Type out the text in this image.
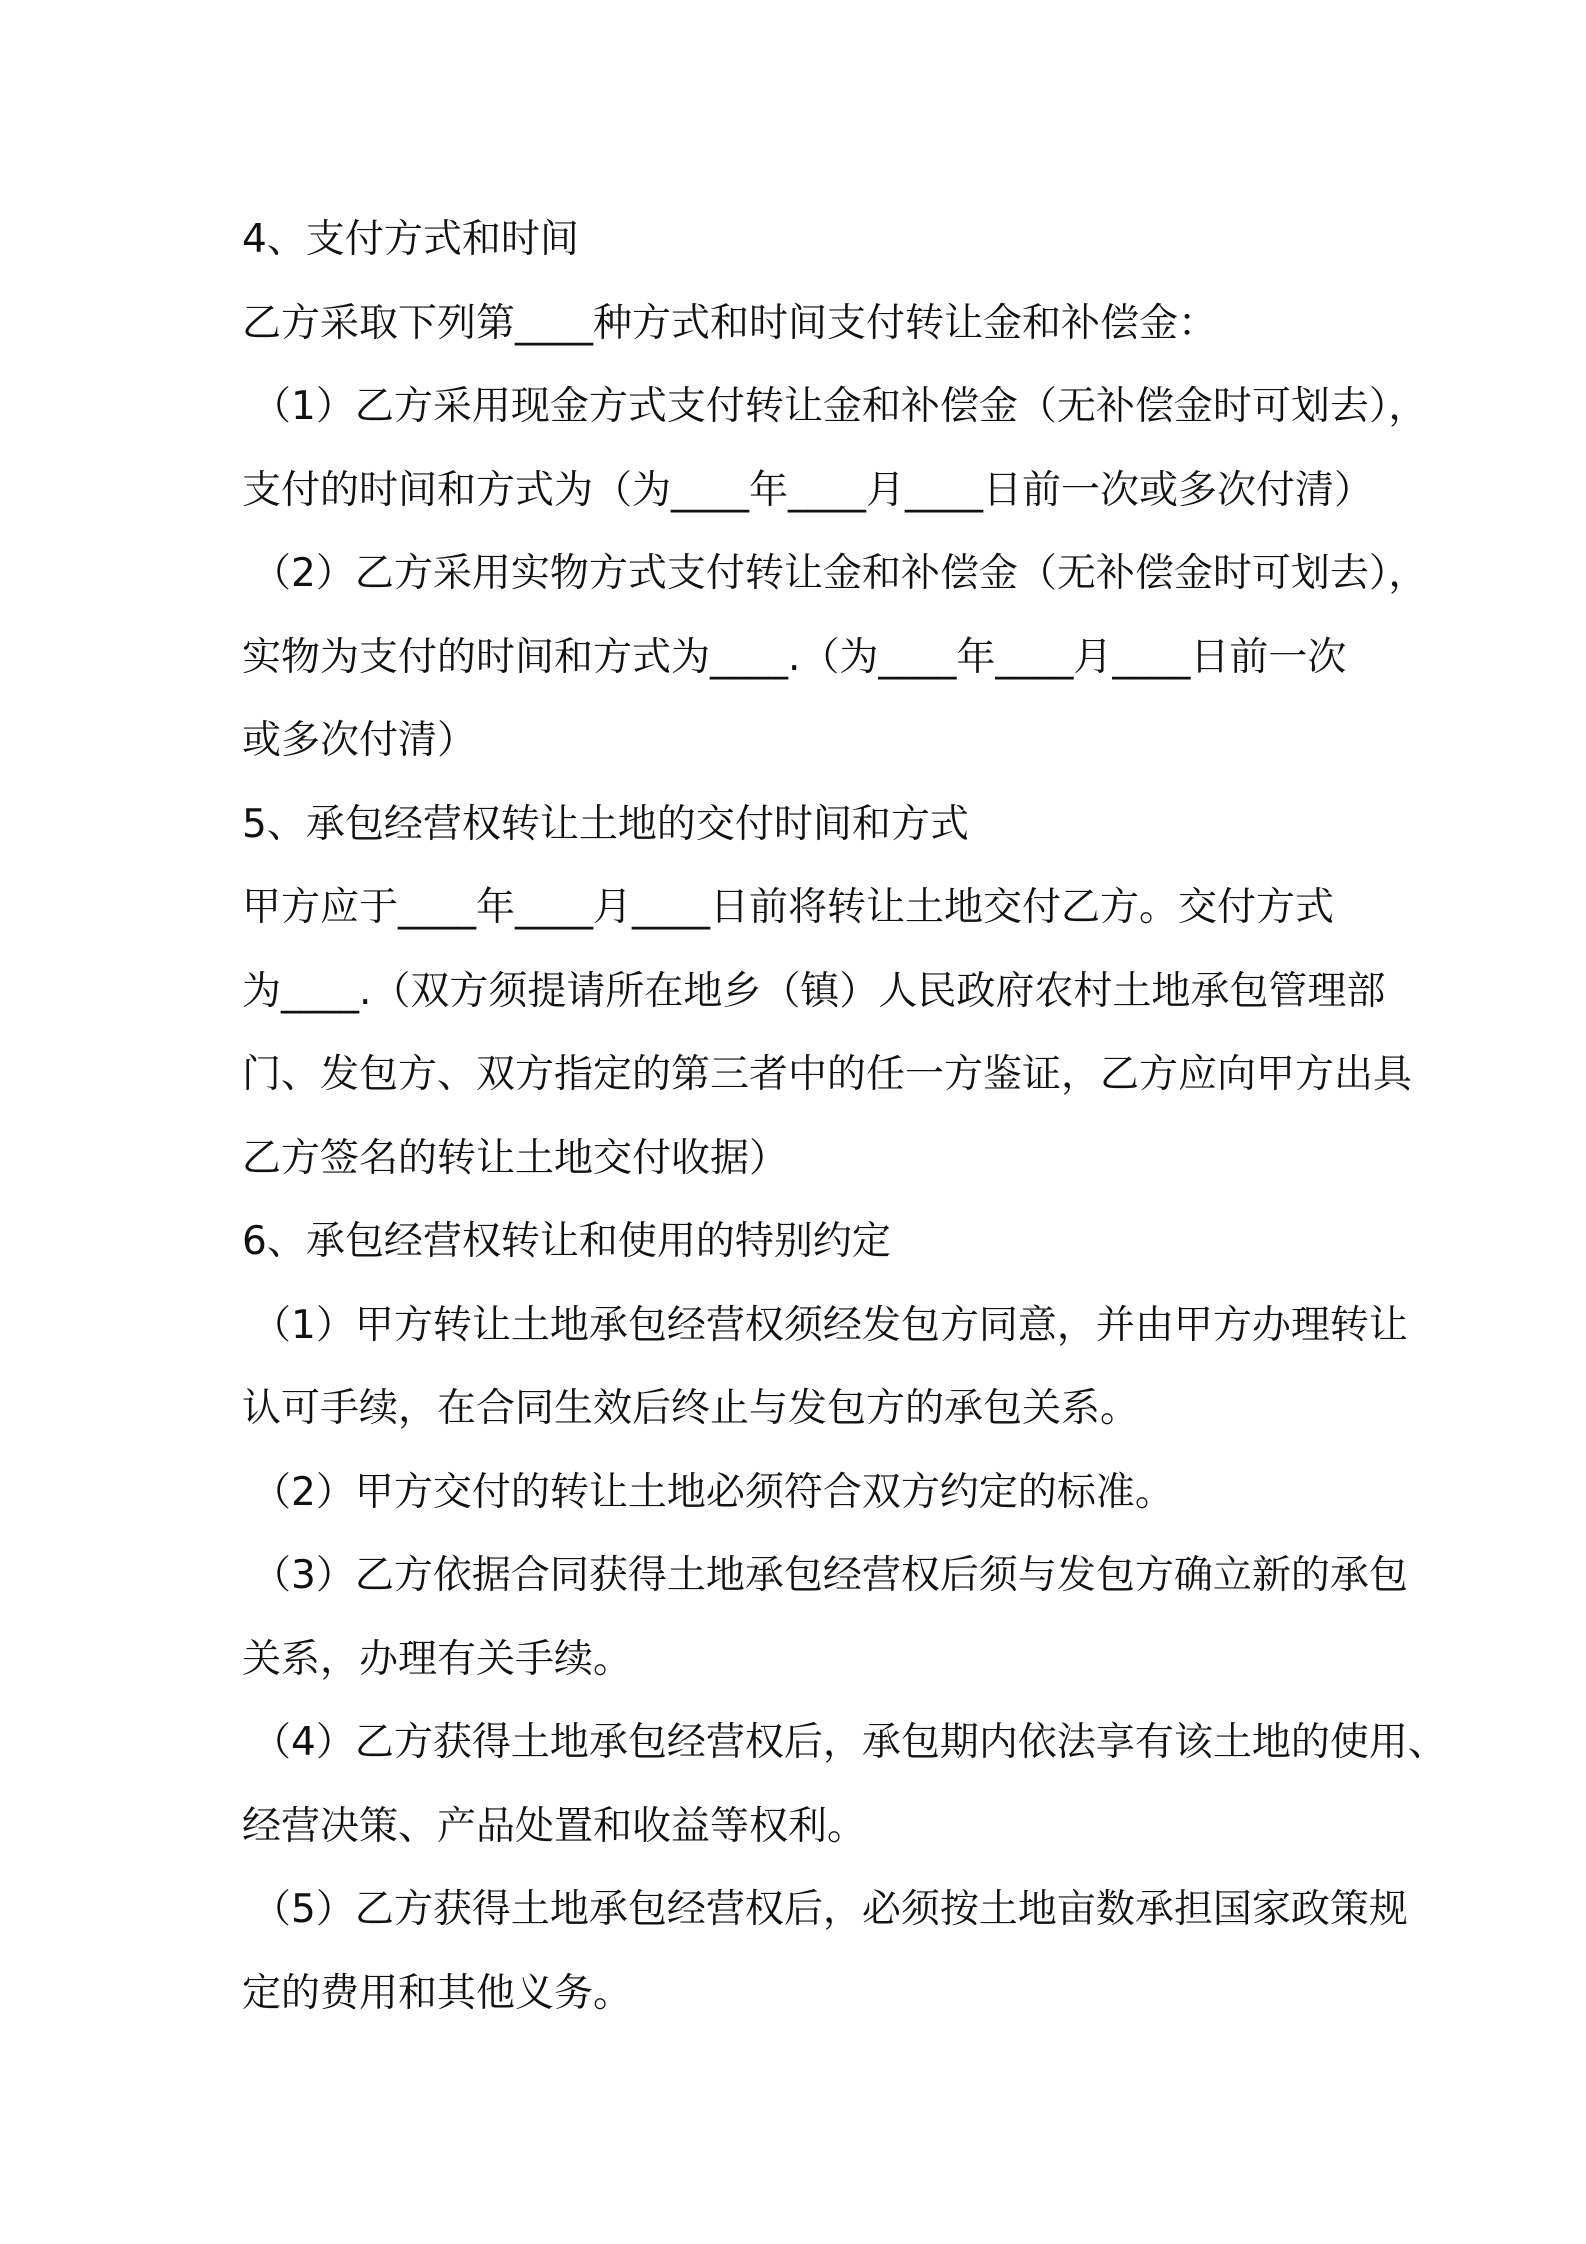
4、支付方式和时间
乙方采取下列第____种方式和时间支付转让金和补偿金：
（1）乙方采用现金方式支付转让金和补偿金（无补偿金时可划去），
支付的时间和方式为（为____年____月____日前一次或多次付清）
（2）乙方采用实物方式支付转让金和补偿金（无补偿金时可划去），
实物为支付的时间和方式为____.（为____年____月____日前一次
或多次付清）
5、承包经营权转让土地的交付时间和方式
甲方应于____年____月____日前将转让土地交付乙方。交付方式
为____.（双方须提请所在地乡（镇）人民政府农村土地承包管理部
门、发包方、双方指定的第三者中的任一方鉴证，乙方应向甲方出具
乙方签名的转让土地交付收据）
6、承包经营权转让和使用的特别约定
（1）甲方转让土地承包经营权须经发包方同意，并由甲方办理转让
认可手续，在合同生效后终止与发包方的承包关系。
（2）甲方交付的转让土地必须符合双方约定的标准。
（3）乙方依据合同获得土地承包经营权后须与发包方确立新的承包
关系，办理有关手续。
（4）乙方获得土地承包经营权后，承包期内依法享有该土地的使用、
经营决策、产品处置和收益等权利。
（5）乙方获得土地承包经营权后，必须按土地亩数承担国家政策规
定的费用和其他义务。
